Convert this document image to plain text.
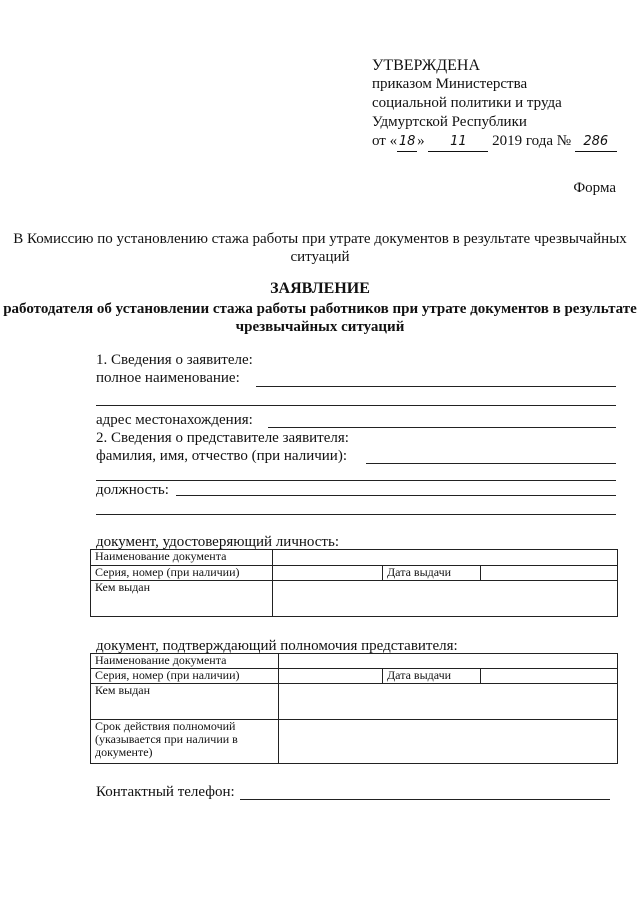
УТВЕРЖДЕНА
приказом Министерства
социальной политики и труда
Удмуртской Республики
от « 18 » 11 2019 года № 286
Форма
В Комиссию по установлению стажа работы при утрате документов в результате чрезвычайных ситуаций
ЗАЯВЛЕНИЕ
работодателя об установлении стажа работы работников при утрате документов в результате чрезвычайных ситуаций
1. Сведения о заявителе:
полное наименование:
адрес местонахождения:
2. Сведения о представителе заявителя:
фамилия, имя, отчество (при наличии):
должность:
документ, удостоверяющий личность:
Наименование документа			
Серия, номер (при наличии)		Дата выдачи	
Кем выдан			
документ, подтверждающий полномочия представителя:
Наименование документа			
Серия, номер (при наличии)		Дата выдачи	
Кем выдан			
Срок действия полномочий (указывается при наличии в документе)			
Контактный телефон:
